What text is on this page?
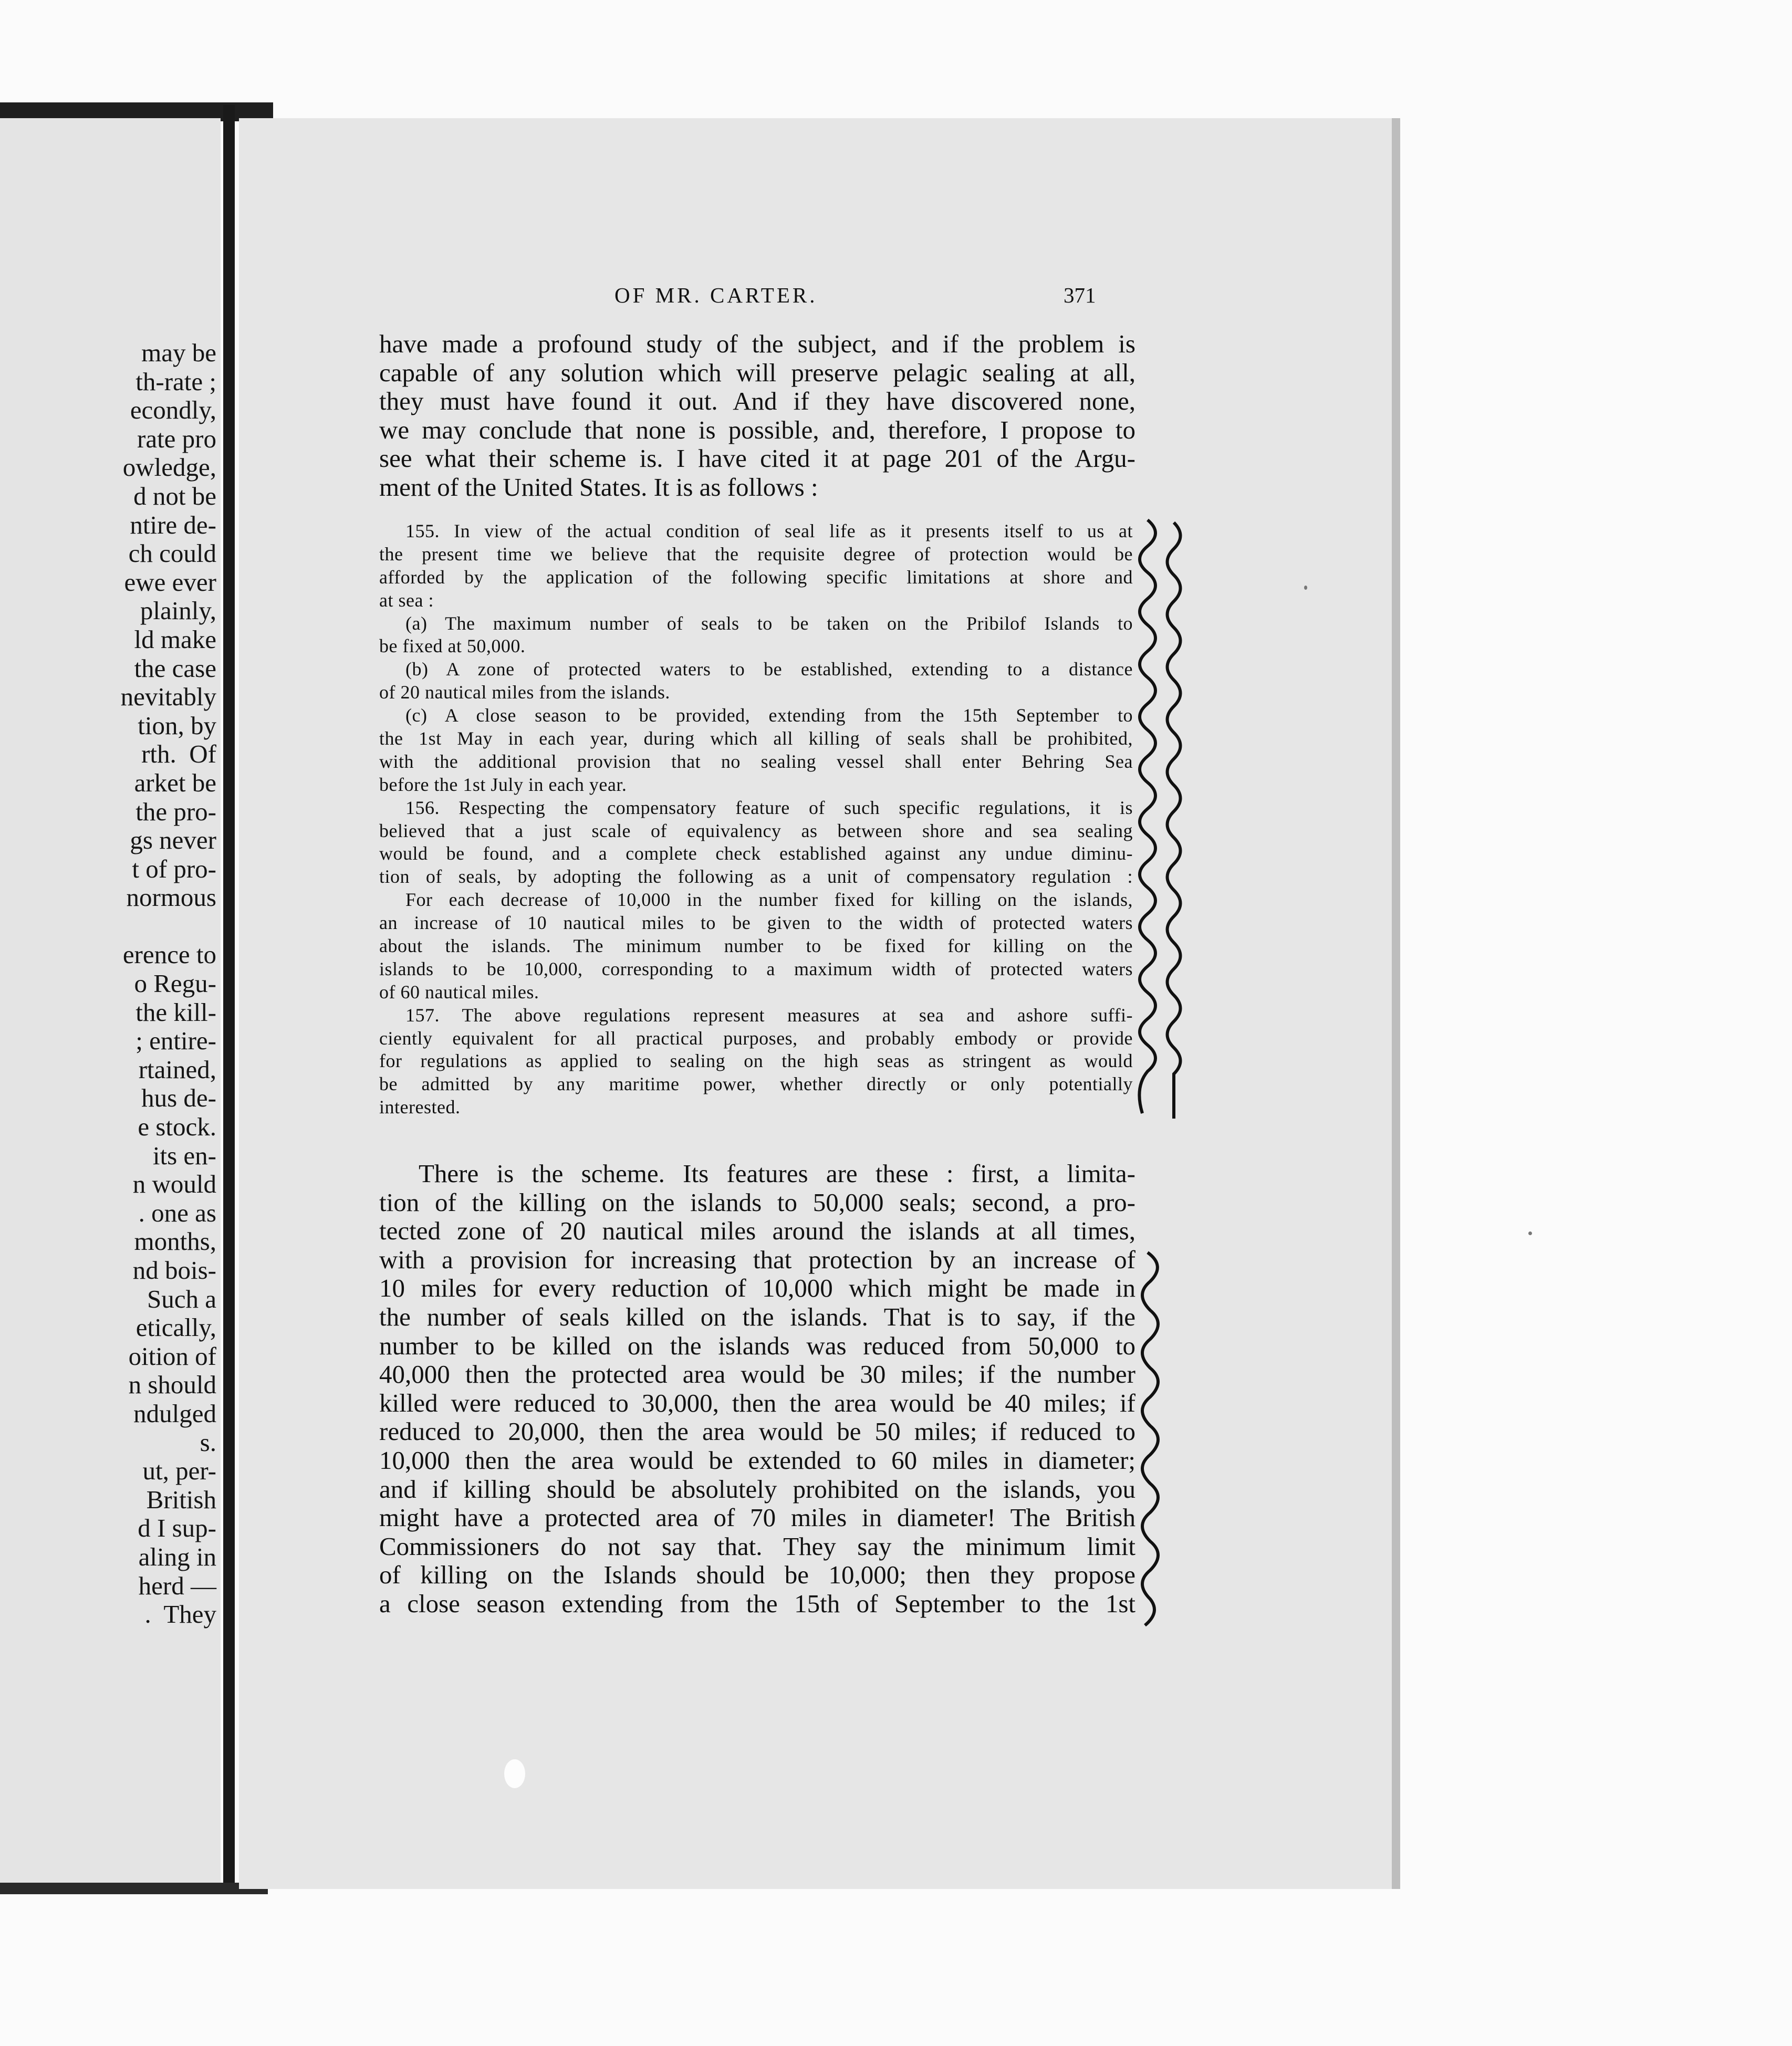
may be
th-rate ;
econdly,
rate pro
owledge,
d not be
ntire de-
ch could
ewe ever
plainly,
ld make
the case
nevitably
tion, by
rth.  Of
arket be
the pro-
gs never
t of pro-
normous
erence to
o Regu-
the kill-
; entire-
rtained,
hus de-
e stock.
its en-
n would
. one as
months,
nd bois-
Such a
etically,
oition of
n should
ndulged
s.
ut, per-
British
d I sup-
aling in
herd —
.  They
OF MR. CARTER.	371
have made a profound study of the subject, and if the problem is
capable of any solution which will preserve pelagic sealing at all,
they must have found it out. And if they have discovered none,
we may conclude that none is possible, and, therefore, I propose to
see what their scheme is. I have cited it at page 201 of the Argu-
ment of the United States. It is as follows :
155. In view of the actual condition of seal life as it presents itself to us at
the present time we believe that the requisite degree of protection would be
afforded by the application of the following specific limitations at shore and
at sea :
(a) The maximum number of seals to be taken on the Pribilof Islands to
be fixed at 50,000.
(b) A zone of protected waters to be established, extending to a distance
of 20 nautical miles from the islands.
(c) A close season to be provided, extending from the 15th September to
the 1st May in each year, during which all killing of seals shall be prohibited,
with the additional provision that no sealing vessel shall enter Behring Sea
before the 1st July in each year.
156. Respecting the compensatory feature of such specific regulations, it is
believed that a just scale of equivalency as between shore and sea sealing
would be found, and a complete check established against any undue diminu-
tion of seals, by adopting the following as a unit of compensatory regulation :
For each decrease of 10,000 in the number fixed for killing on the islands,
an increase of 10 nautical miles to be given to the width of protected waters
about the islands. The minimum number to be fixed for killing on the
islands to be 10,000, corresponding to a maximum width of protected waters
of 60 nautical miles.
157. The above regulations represent measures at sea and ashore suffi-
ciently equivalent for all practical purposes, and probably embody or provide
for regulations as applied to sealing on the high seas as stringent as would
be admitted by any maritime power, whether directly or only potentially
interested.
There is the scheme. Its features are these : first, a limita-
tion of the killing on the islands to 50,000 seals; second, a pro-
tected zone of 20 nautical miles around the islands at all times,
with a provision for increasing that protection by an increase of
10 miles for every reduction of 10,000 which might be made in
the number of seals killed on the islands. That is to say, if the
number to be killed on the islands was reduced from 50,000 to
40,000 then the protected area would be 30 miles; if the number
killed were reduced to 30,000, then the area would be 40 miles; if
reduced to 20,000, then the area would be 50 miles; if reduced to
10,000 then the area would be extended to 60 miles in diameter;
and if killing should be absolutely prohibited on the islands, you
might have a protected area of 70 miles in diameter! The British
Commissioners do not say that. They say the minimum limit
of killing on the Islands should be 10,000; then they propose
a close season extending from the 15th of September to the 1st
